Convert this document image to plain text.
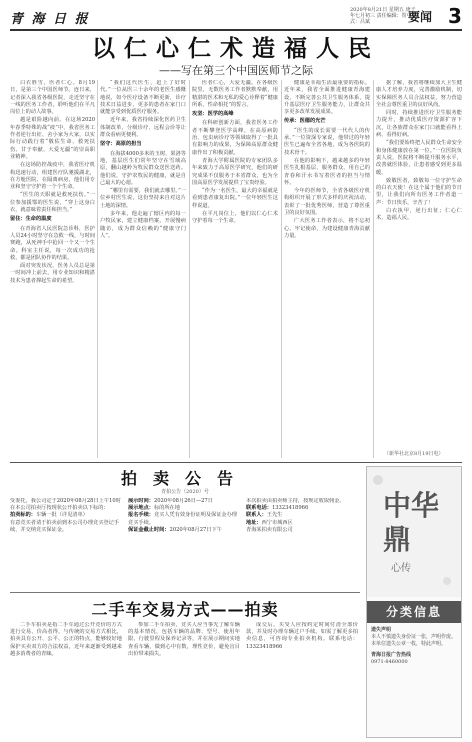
青 海 日 报
2020年8月21日 星期五 庚子年七月初三 责任编辑：贺中 版式：吕斌	要闻 3
以仁心仁术造福人民
——写在第三个中国医师节之际

白衣胜雪，医者仁心。8月19日，是第三个中国医师节。连日来，记者深入我省各级医院，走近坚守在一线的医务工作者，聆听他们在平凡岗位上的动人故事。

越是艰险越向前。在这场2020年春季特殊的战“疫”中，我省医务工作者逆行出征、舍小家为大家，以实际行动践行着“敬佑生命、救死扶伤、甘于奉献、大爱无疆”的崇高职业精神。

在这场防控战疫中，我省医疗机构迅速行动，组建医疗队驰援湖北，在方舱医院、在隔离病房，他们用专业和坚守守护着一个个生命。

“医生的天职就是救死扶伤。”一位参加援鄂的医生说，“穿上这身白衣，就意味着责任和担当。”

留住：生命的温度

在青海省人民医院急诊科，医护人员24小时坚守在急救一线，与时间赛跑，从死神手中抢回一个又一个生命。科室主任说，每一次成功的抢救，都是团队协作的结果。

面对突发状况，医务人员总是第一时间冲上前去，用专业知识和精湛技术为患者撑起生命的希望。

“我们这代医生，赶上了好时代。”一位从医三十余年的老医生感慨地说，如今医疗设备不断更新，诊疗技术日益进步，更多的患者在家门口就能享受到优质医疗服务。

近年来，我省持续深化医药卫生体制改革，分级诊疗、远程会诊等让群众看病更便利。

坚守：高原的担当

在海拔4000多米的玉树、果洛等地，基层医生们常年坚守在雪域高原，翻山越岭为牧民群众送医送药。他们说，守护农牧民的健康，就是自己最大的心愿。

“哪里有需要，我们就去哪里。”一位乡村医生说，这份坚持来自对这片土地的深情。

多年来，他走遍了辖区内的每一户牧民家，建立健康档案，开展慢病随访，成为群众信赖的“健康守门人”。

医者仁心，大爱无疆。在各级医院里，无数医务工作者默默奉献，用精湛的医术和无私的爱心诠释着“健康所系，性命相托”的誓言。

攻坚：医学的高峰

在科研创新方面，我省医务工作者不断攀登医学高峰，在高原病防治、包虫病诊疗等领域取得了一批具有影响力的成果，为保障高原群众健康作出了积极贡献。

青海大学附属医院的专家团队多年来致力于高原医学研究，他们的研究成果不仅服务于本省群众，也为全国高原医学发展提供了宝贵经验。

“作为一名医生，最大的幸福就是看到患者康复出院。”一位年轻医生这样说道。

在平凡岗位上，他们以仁心仁术守护着每一个生命。

健康是幸福生活最重要的指标。近年来，我省全面推进健康青海建设，不断完善公共卫生服务体系，提升基层医疗卫生服务能力，让群众共享更多改革发展成果。

传承：医德的光芒

“医生的成长需要一代代人的传承。”一位资深专家说，他带过的年轻医生已遍布全省各地，成为各医院的技术骨干。

在他的影响下，越来越多的年轻医生扎根基层、服务群众，用自己的青春和汗水书写着医者的担当与情怀。

今年的医师节，全省各级医疗机构组织开展了形式多样的庆祝活动，表彰了一批优秀医师，营造了尊医重卫的良好氛围。

广大医务工作者表示，将不忘初心、牢记使命，为建设健康青海贡献力量。

据了解，我省将继续加大卫生健康人才培养力度，完善激励机制，切实保障医务人员合法权益，努力营造全社会尊医重卫的良好风尚。

同时，持续推进医疗卫生服务能力提升，推动优质医疗资源扩容下沉，让各族群众在家门口就能看得上病、看得好病。

“我们要始终把人民群众生命安全和身体健康放在第一位。”一位医院负责人说，医院将不断提升服务水平，改善就医体验，让患者感受到更多温暖。

致敬医者，致敬每一位守护生命的白衣天使！在这个属于他们的节日里，让我们向所有医务工作者道一声：节日快乐，辛苦了！

白衣执甲，逆行出征；仁心仁术，造福人民。

（新华社北京8月19日电）
拍卖公告
青拍公告（2020）号
受委托，我公司定于2020年08月28日上午10时在本公司拍卖厅按现状公开拍卖以下标的：
拍卖标的：车辆一批（详见清单）
有意竞买者请于拍卖前到本公司办理竞买登记手续，并交纳竞买保证金。
展示时间：2020年08月26日—27日
展示地点：标的所在地
报名手续：竞买人凭有效身份证明及保证金办理竞买手续。
保证金截止时间：2020年08月27日下午
本次拍卖由拍卖师主持，按规定收取佣金。
联系电话：13323418966
联系人：王先生
地址：西宁市城西区
青海某拍卖有限公司
二手车交易方式——拍卖

二手车拍卖是指二手车通过公开竞价的方式进行交易，价高者得。与传统的交易方式相比，拍卖具有公开、公平、公正的特点，能够较好地保护买卖双方的合法权益，近年来逐渐受到越来越多消费者的青睐。

参加二手车拍卖，竞买人应当事先了解车辆的基本情况，包括车辆的品牌、型号、使用年限、行驶里程及保养记录等，并在展示期间实地查看车辆，做到心中有数，理性竞价，避免盲目出价带来损失。

成交后，买受人应按约定时间付清全部价款，并及时办理车辆过户手续。如需了解更多拍卖信息，可咨询专业拍卖机构。联系电话：13323418966

中华
鼎
心传
分类信息
遗失声明
本人不慎遗失身份证一张，声明作废。
本单位遗失公章一枚，特此声明。
青海日报广告热线
0971-8460000
